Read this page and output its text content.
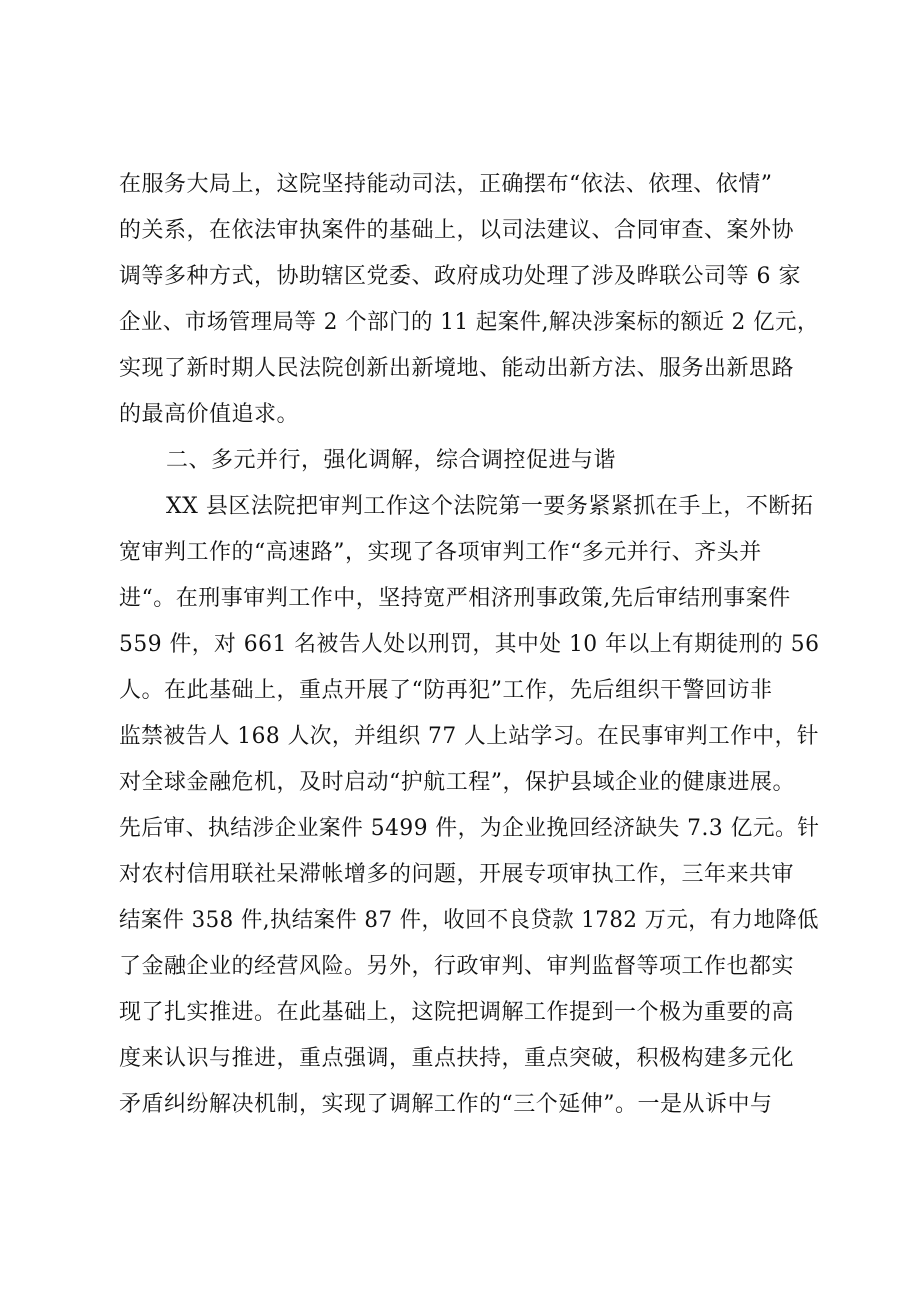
在服务大局上，这院坚持能动司法，正确摆布“依法、依理、依情”
的关系，在依法审执案件的基础上，以司法建议、合同审查、案外协
调等多种方式，协助辖区党委、政府成功处理了涉及晔联公司等 6 家
企业、市场管理局等 2 个部门的 11 起案件,解决涉案标的额近 2 亿元，
实现了新时期人民法院创新出新境地、能动出新方法、服务出新思路
的最高价值追求。
二、多元并行，强化调解，综合调控促进与谐
XX 县区法院把审判工作这个法院第一要务紧紧抓在手上，不断拓
宽审判工作的“高速路”，实现了各项审判工作“多元并行、齐头并
进“。在刑事审判工作中，坚持宽严相济刑事政策,先后审结刑事案件
559 件，对 661 名被告人处以刑罚，其中处 10 年以上有期徒刑的 56
人。在此基础上，重点开展了“防再犯”工作，先后组织干警回访非
监禁被告人 168 人次，并组织 77 人上站学习。在民事审判工作中，针
对全球金融危机，及时启动“护航工程”，保护县域企业的健康进展。
先后审、执结涉企业案件 5499 件，为企业挽回经济缺失 7.3 亿元。针
对农村信用联社呆滞帐增多的问题，开展专项审执工作，三年来共审
结案件 358 件,执结案件 87 件，收回不良贷款 1782 万元，有力地降低
了金融企业的经营风险。另外，行政审判、审判监督等项工作也都实
现了扎实推进。在此基础上，这院把调解工作提到一个极为重要的高
度来认识与推进，重点强调，重点扶持，重点突破，积极构建多元化
矛盾纠纷解决机制，实现了调解工作的“三个延伸”。一是从诉中与
